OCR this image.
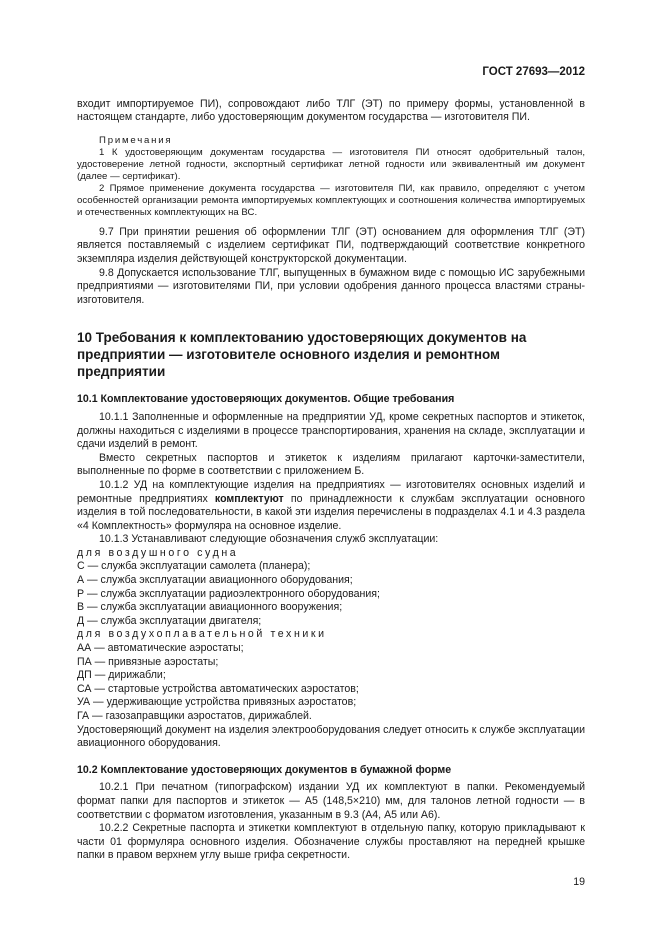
ГОСТ 27693—2012

входит импортируемое ПИ), сопровождают либо ТЛГ (ЭТ) по примеру формы, установленной в настоящем стандарте, либо удостоверяющим документом государства — изготовителя ПИ.

Примечания

1 К удостоверяющим документам государства — изготовителя ПИ относят одобрительный талон, удостоверение летной годности, экспортный сертификат летной годности или эквивалентный им документ (далее — сертификат).

2 Прямое применение документа государства — изготовителя ПИ, как правило, определяют с учетом особенностей организации ремонта импортируемых комплектующих и соотношения количества импортируемых и отечественных комплектующих на ВС.

9.7 При принятии решения об оформлении ТЛГ (ЭТ) основанием для оформления ТЛГ (ЭТ) является поставляемый с изделием сертификат ПИ, подтверждающий соответствие конкретного экземпляра изделия действующей конструкторской документации.

9.8 Допускается использование ТЛГ, выпущенных в бумажном виде с помощью ИС зарубежными предприятиями — изготовителями ПИ, при условии одобрения данного процесса властями страны-изготовителя.

10 Требования к комплектованию удостоверяющих документов на предприятии — изготовителе основного изделия и ремонтном предприятии

10.1 Комплектование удостоверяющих документов. Общие требования

10.1.1 Заполненные и оформленные на предприятии УД, кроме секретных паспортов и этикеток, должны находиться с изделиями в процессе транспортирования, хранения на складе, эксплуатации и сдачи изделий в ремонт.

Вместо секретных паспортов и этикеток к изделиям прилагают карточки-заместители, выполненные по форме в соответствии с приложением Б.

10.1.2 УД на комплектующие изделия на предприятиях — изготовителях основных изделий и ремонтные предприятиях комплектуют по принадлежности к службам эксплуатации основного изделия в той последовательности, в какой эти изделия перечислены в подразделах 4.1 и 4.3 раздела «4 Комплектность» формуляра на основное изделие.

10.1.3 Устанавливают следующие обозначения служб эксплуатации:

для воздушного судна

С — служба эксплуатации самолета (планера);

А — служба эксплуатации авиационного оборудования;

Р — служба эксплуатации радиоэлектронного оборудования;

В — служба эксплуатации авиационного вооружения;

Д — служба эксплуатации двигателя;

для воздухоплавательной техники

АА — автоматические аэростаты;

ПА — привязные аэростаты;

ДП — дирижабли;

СА — стартовые устройства автоматических аэростатов;

УА — удерживающие устройства привязных аэростатов;

ГА — газозаправщики аэростатов, дирижаблей.

Удостоверяющий документ на изделия электрооборудования следует относить к службе эксплуатации авиационного оборудования.

10.2 Комплектование удостоверяющих документов в бумажной форме

10.2.1 При печатном (типографском) издании УД их комплектуют в папки. Рекомендуемый формат папки для паспортов и этикеток — А5 (148,5×210) мм, для талонов летной годности — в соответствии с форматом изготовления, указанным в 9.3 (А4, А5 или А6).

10.2.2 Секретные паспорта и этикетки комплектуют в отдельную папку, которую прикладывают к части 01 формуляра основного изделия. Обозначение службы проставляют на передней крышке папки в правом верхнем углу выше грифа секретности.

19
